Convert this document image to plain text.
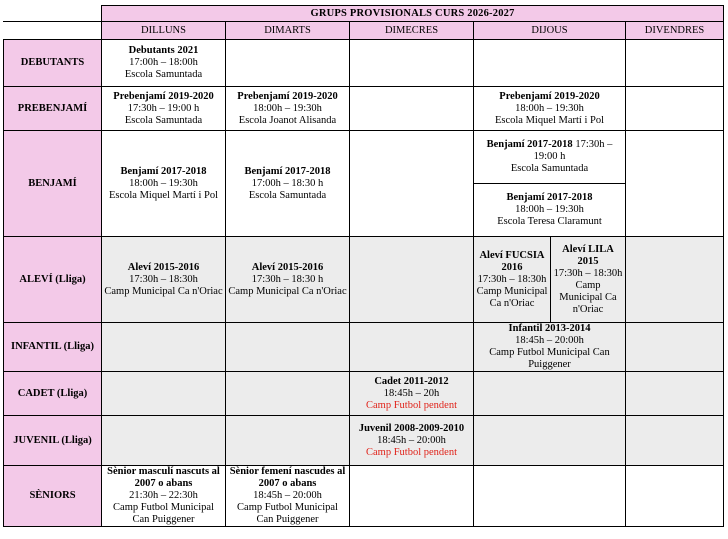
	GRUPS PROVISIONALS CURS 2026-2027					
	DILLUNS	DIMARTS	DIMECRES	DIJOUS		DIVENDRES
DEBUTANTS	Debutants 2021
17:00h – 18:00h
Escola Samuntada					

PREBENJAMÍ	Prebenjamí 2019-2020
17:30h – 19:00 h
Escola Samuntada	Prebenjamí 2019-2020
18:00h – 19:30h
Escola Joanot Alisanda		Prebenjamí 2019-2020
18:00h – 19:30h
Escola Miquel Martí i Pol		

BENJAMÍ	Benjamí 2017-2018
18:00h – 19:30h
Escola Miquel Martí i Pol	Benjamí 2017-2018
17:00h – 18:30 h
Escola Samuntada		Benjamí 2017-2018 17:30h –
19:00 h
Escola Samuntada		

				Benjamí 2017-2018
18:00h – 19:30h
Escola Teresa Claramunt		

ALEVÍ (Lliga)	Aleví 2015-2016
17:30h – 18:30h
Camp Municipal Ca n'Oriac	Aleví 2015-2016
17:30h – 18:30 h
Camp Municipal Ca n'Oriac		Aleví FUCSIA 2016
17:30h – 18:30h
Camp Municipal Ca n'Oriac	Aleví LILA 2015
17:30h – 18:30h
Camp Municipal Ca n'Oriac	

INFANTIL (Lliga)				Infantil 2013-2014
18:45h – 20:00h
Camp Futbol Municipal Can Puiggener		

CADET (Lliga)			Cadet 2011-2012
18:45h – 20h
Camp Futbol pendent			

JUVENIL (Lliga)			Juvenil 2008-2009-2010
18:45h – 20:00h
Camp Futbol pendent			

SÈNIORS	Sènior masculí nascuts al 2007 o abans
21:30h – 22:30h
Camp Futbol Municipal Can Puiggener	Sènior femení nascudes al 2007 o abans
18:45h – 20:00h
Camp Futbol Municipal Can Puiggener				
